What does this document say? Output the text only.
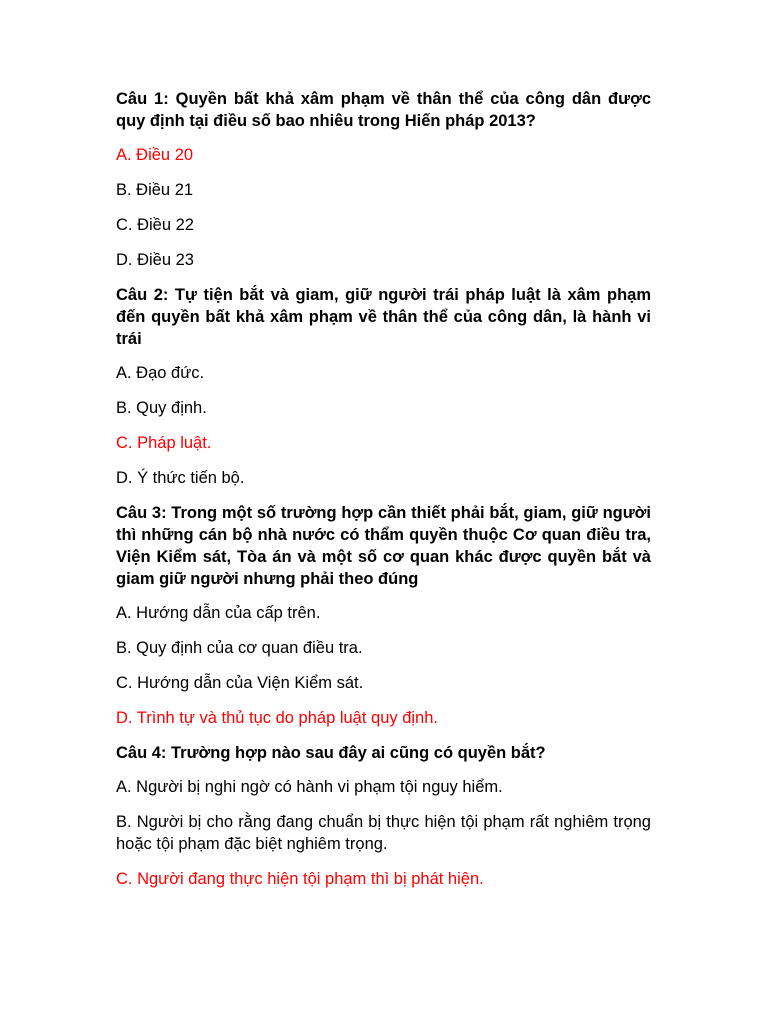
Câu 1: Quyền bất khả xâm phạm về thân thể của công dân được quy định tại điều số bao nhiêu trong Hiến pháp 2013?
A. Điều 20
B. Điều 21
C. Điều 22
D. Điều 23
Câu 2: Tự tiện bắt và giam, giữ người trái pháp luật là xâm phạm đến quyền bất khả xâm phạm về thân thể của công dân, là hành vi trái
A. Đạo đức.
B. Quy định.
C. Pháp luật.
D. Ý thức tiến bộ.
Câu 3: Trong một số trường hợp cần thiết phải bắt, giam, giữ người thì những cán bộ nhà nước có thẩm quyền thuộc Cơ quan điều tra, Viện Kiểm sát, Tòa án và một số cơ quan khác được quyền bắt và giam giữ người nhưng phải theo đúng
A. Hướng dẫn của cấp trên.
B. Quy định của cơ quan điều tra.
C. Hướng dẫn của Viện Kiểm sát.
D. Trình tự và thủ tục do pháp luật quy định.
Câu 4: Trường hợp nào sau đây ai cũng có quyền bắt?
A. Người bị nghi ngờ có hành vi phạm tội nguy hiểm.
B. Người bị cho rằng đang chuẩn bị thực hiện tội phạm rất nghiêm trọng hoặc tội phạm đặc biệt nghiêm trọng.
C. Người đang thực hiện tội phạm thì bị phát hiện.
